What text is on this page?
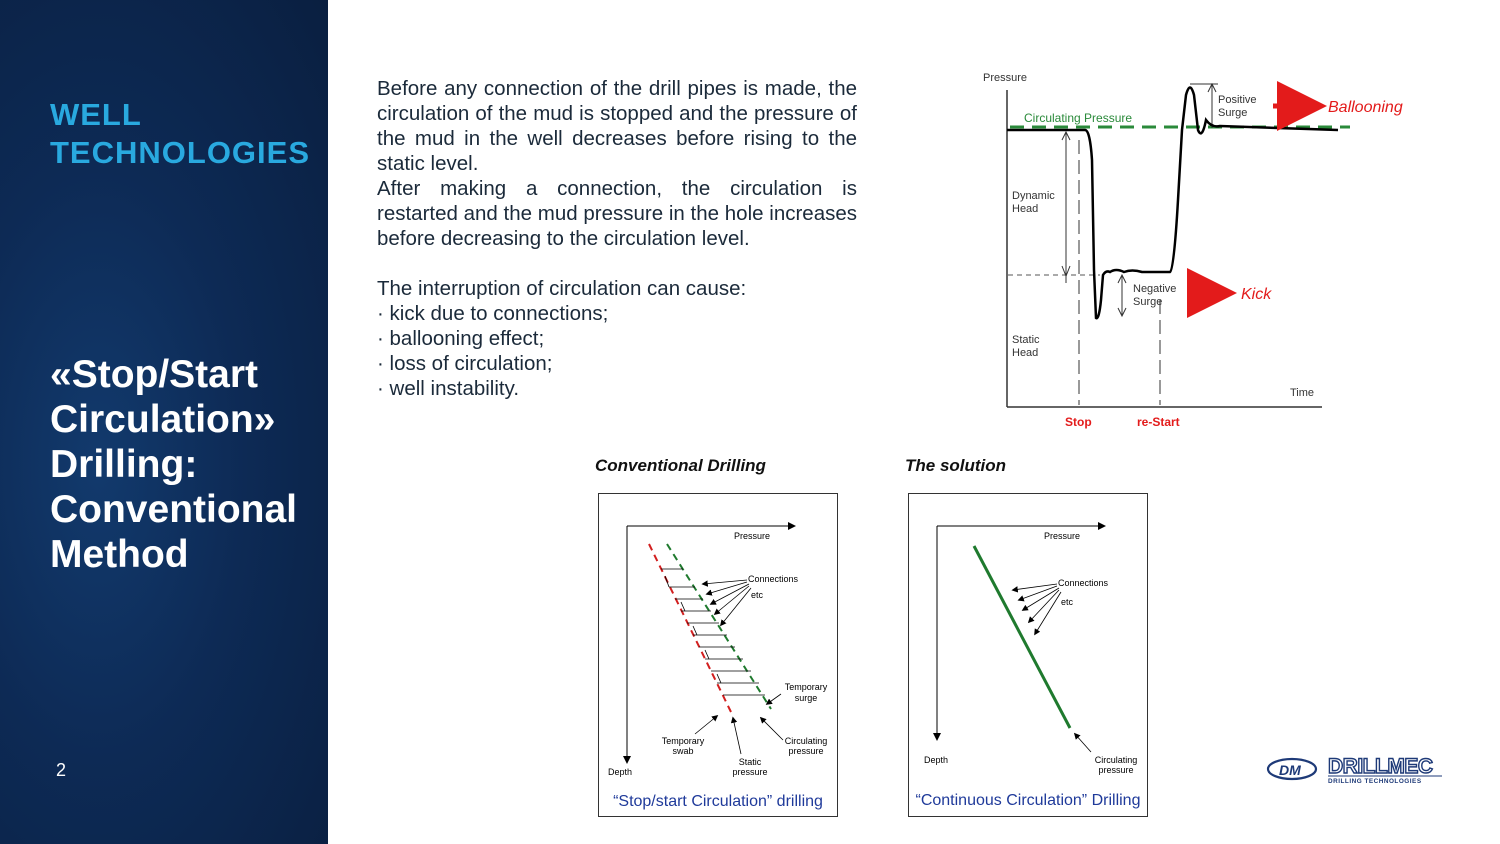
WELL
TECHNOLOGIES
«Stop/Start
Circulation»
Drilling:
Conventional
Method
2

Before any connection of the drill pipes is made, the circulation of the mud is stopped and the pressure of the mud in the well decreases before rising to the static level.

After making a connection, the circulation is restarted and the mud pressure in the hole increases before decreasing to the circulation level.

The interruption of circulation can cause:

· kick due to connections;
· ballooning effect;
· loss of circulation;
· well instability.
Pressure
Time
Circulating Pressure
Dynamic Head
Static Head
Positive Surge
Negative Surge
Ballooning
Kick
Stop	re-Start
Conventional Drilling
Pressure
Depth
Connections
etc
Temporary surge
Temporary swab
Static pressure
Circulating pressure
“Stop/start Circulation” drilling
The solution
Pressure
Depth
Connections
etc
Circulating pressure
“Continuous Circulation” Drilling
DM DRILLMEC
DRILLING TECHNOLOGIES
